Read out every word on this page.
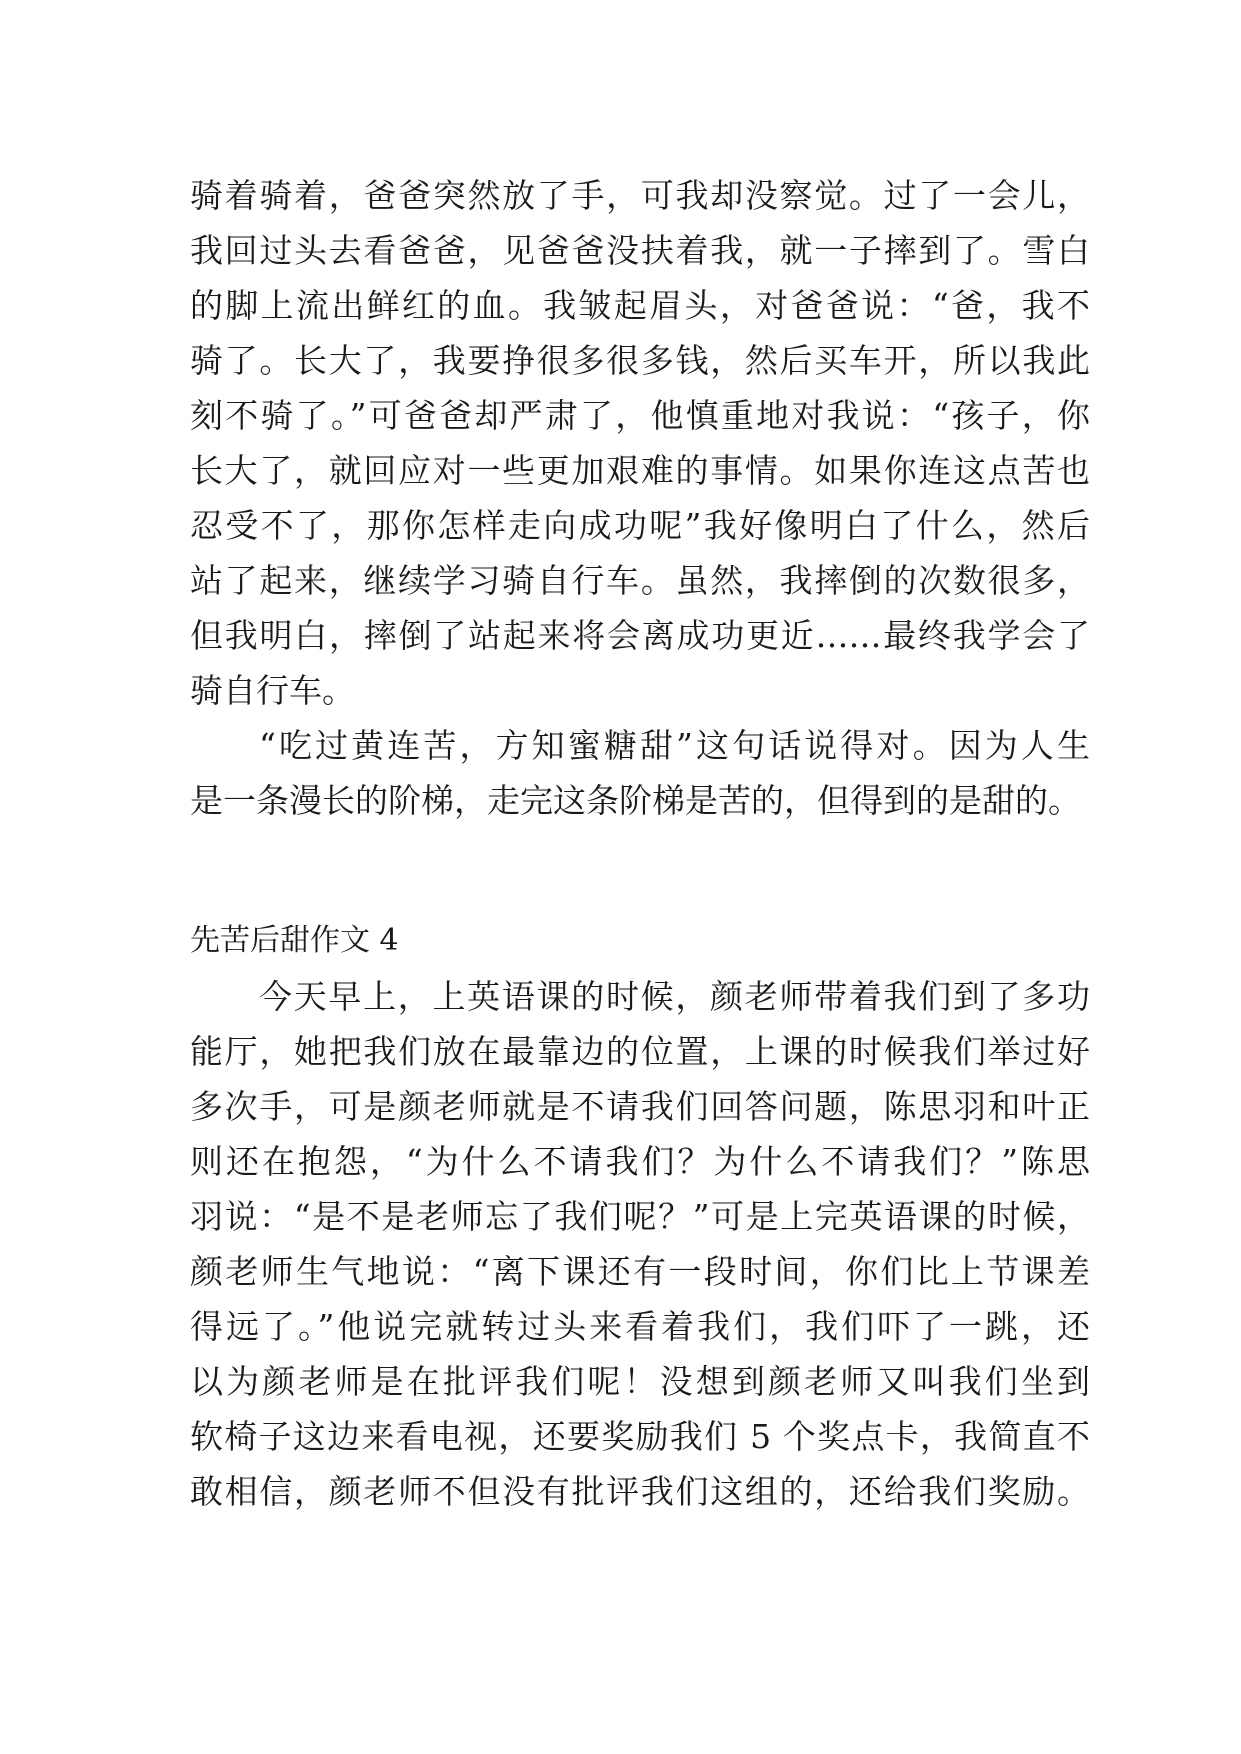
骑着骑着，爸爸突然放了手，可我却没察觉。过了一会儿，
我回过头去看爸爸，见爸爸没扶着我，就一子摔到了。雪白
的脚上流出鲜红的血。我皱起眉头，对爸爸说：“爸，我不
骑了。长大了，我要挣很多很多钱，然后买车开，所以我此
刻不骑了。”可爸爸却严肃了，他慎重地对我说：“孩子，你
长大了，就回应对一些更加艰难的事情。如果你连这点苦也
忍受不了，那你怎样走向成功呢”我好像明白了什么，然后
站了起来，继续学习骑自行车。虽然，我摔倒的次数很多，
但我明白，摔倒了站起来将会离成功更近……最终我学会了
骑自行车。
“吃过黄连苦，方知蜜糖甜”这句话说得对。因为人生
是一条漫长的阶梯，走完这条阶梯是苦的，但得到的是甜的。
先苦后甜作文 4
今天早上，上英语课的时候，颜老师带着我们到了多功
能厅，她把我们放在最靠边的位置，上课的时候我们举过好
多次手，可是颜老师就是不请我们回答问题，陈思羽和叶正
则还在抱怨，“为什么不请我们？为什么不请我们？”陈思
羽说：“是不是老师忘了我们呢？”可是上完英语课的时候，
颜老师生气地说：“离下课还有一段时间，你们比上节课差
得远了。”他说完就转过头来看着我们，我们吓了一跳，还
以为颜老师是在批评我们呢！没想到颜老师又叫我们坐到
软椅子这边来看电视，还要奖励我们 5 个奖点卡，我简直不
敢相信，颜老师不但没有批评我们这组的，还给我们奖励。
